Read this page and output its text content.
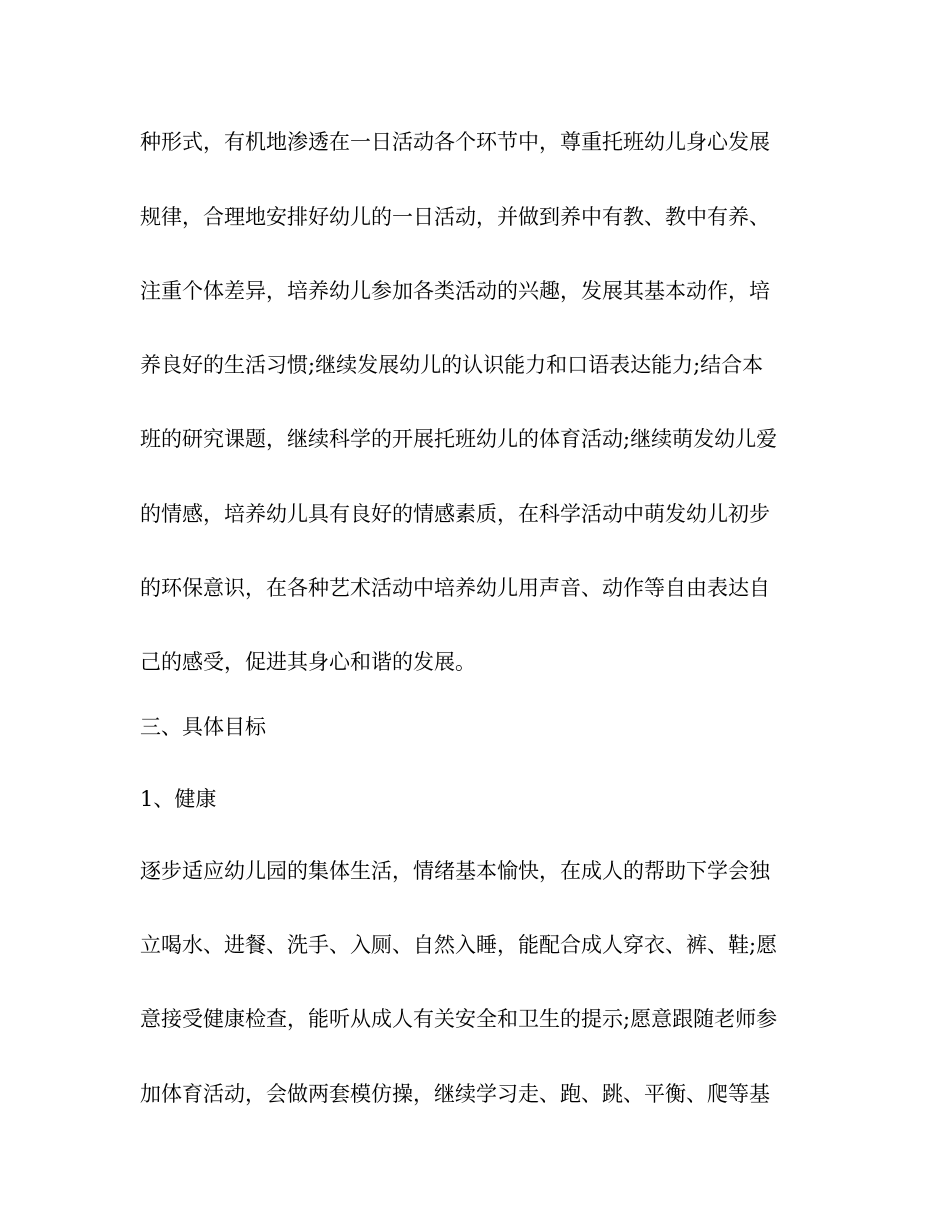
种形式，有机地渗透在一日活动各个环节中，尊重托班幼儿身心发展

规律，合理地安排好幼儿的一日活动，并做到养中有教、教中有养、

注重个体差异，培养幼儿参加各类活动的兴趣，发展其基本动作，培

养良好的生活习惯;继续发展幼儿的认识能力和口语表达能力;结合本

班的研究课题，继续科学的开展托班幼儿的体育活动;继续萌发幼儿爱

的情感，培养幼儿具有良好的情感素质，在科学活动中萌发幼儿初步

的环保意识，在各种艺术活动中培养幼儿用声音、动作等自由表达自

己的感受，促进其身心和谐的发展。

三、具体目标

1、健康

逐步适应幼儿园的集体生活，情绪基本愉快，在成人的帮助下学会独

立喝水、进餐、洗手、入厕、自然入睡，能配合成人穿衣、裤、鞋;愿

意接受健康检查，能听从成人有关安全和卫生的提示;愿意跟随老师参

加体育活动，会做两套模仿操，继续学习走、跑、跳、平衡、爬等基
